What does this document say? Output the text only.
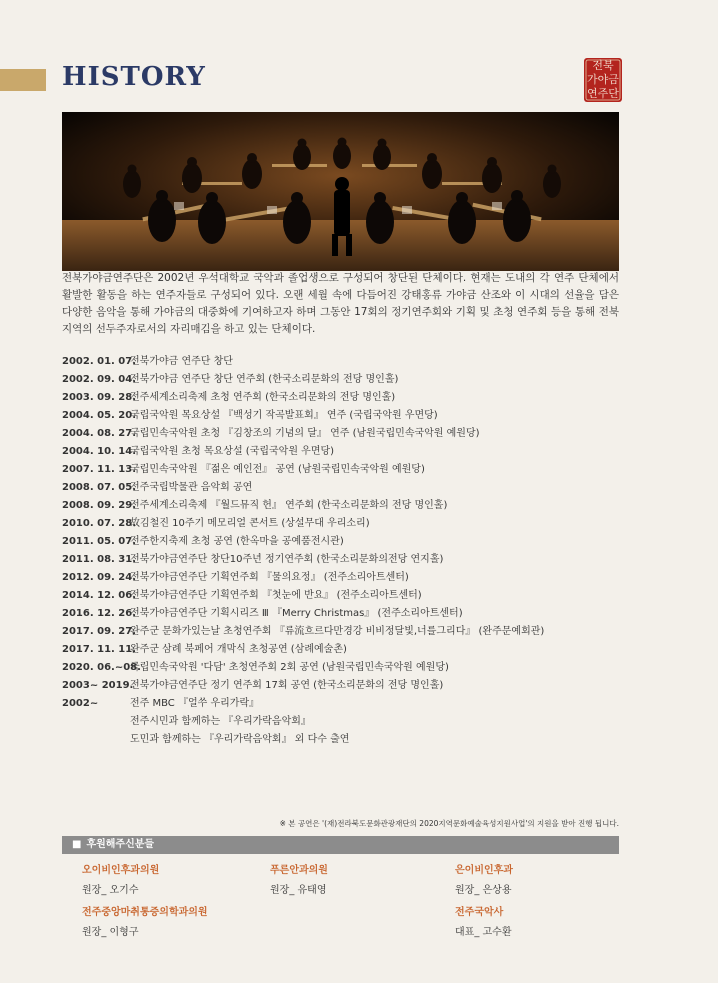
HISTORY	전북
가야금
연주단

전북가야금연주단은 2002년 우석대학교 국악과 졸업생으로 구성되어 창단된 단체이다. 현재는 도내의 각 연주 단체에서 활발한 활동을 하는 연주자들로 구성되어 있다. 오랜 세월 속에 다듬어진 강태홍류 가야금 산조와 이 시대의 선율을 담은 다양한 음악을 통해 가야금의 대중화에 기여하고자 하며 그동안 17회의 정기연주회와 기획 및 초청 연주회 등을 통해 전북지역의 선두주자로서의 자리매김을 하고 있는 단체이다.

2002. 01. 07.
전북가야금 연주단 창단
2002. 09. 04.
전북가야금 연주단 창단 연주회 (한국소리문화의 전당 명인홀)
2003. 09. 28.
전주세계소리축제 초청 연주회 (한국소리문화의 전당 명인홀)
2004. 05. 20.
국립국악원 목요상설 『백성기 작곡발표회』 연주 (국립국악원 우면당)
2004. 08. 27.
국립민속국악원 초청 『김창조의 기념의 달』 연주 (남원국립민속국악원 예원당)
2004. 10. 14.
국립국악원 초청 목요상설 (국립국악원 우면당)
2007. 11. 13.
국립민속국악원 『젊은 예인전』 공연 (남원국립민속국악원 예원당)
2008. 07. 05.
전주국립박물관 음악회 공연
2008. 09. 29.
전주세계소리축제 『월드뮤직 헌』 연주회 (한국소리문화의 전당 명인홀)
2010. 07. 28.
故김철진 10주기 메모리얼 콘서트 (상설무대 우리소리)
2011. 05. 07.
전주한지축제 초청 공연 (한옥마을 공예품전시관)
2011. 08. 31.
전북가야금연주단 창단10주년 정기연주회 (한국소리문화의전당 연지홀)
2012. 09. 24.
전북가야금연주단 기획연주회 『물의요정』 (전주소리아트센터)
2014. 12. 06.
전북가야금연주단 기획연주회 『첫눈에 반요』 (전주소리아트센터)
2016. 12. 26.
전북가야금연주단 기획시리즈 Ⅲ 『Merry Christmas』 (전주소리아트센터)
2017. 09. 27.
완주군 문화가있는날 초청연주회 『류流흐르다만경강 비비정달빛,너를그리다』 (완주문예회관)
2017. 11. 11.
완주군 삼례 북페어 개막식 초청공연 (삼례예술촌)
2020. 06.~08.
국립민속국악원 '다담' 초청연주회 2회 공연 (남원국립민속국악원 예원당)
2003~ 2019.
전북가야금연주단 정기 연주회 17회 공연 (한국소리문화의 전당 명인홀)
2002~	전주 MBC 『얼쑤 우리가락』
전주시민과 함께하는 『우리가락음악회』
도민과 함께하는 『우리가락음악회』 외 다수 출연

※ 본 공연은 '(재)전라북도문화관광재단의 2020지역문화예술육성지원사업'의 지원을 받아 진행 됩니다.

■ 후원해주신분들
오이비인후과의원
원장_ 오기수
푸른안과의원
원장_ 유태영
은이비인후과
원장_ 은상용
전주중앙마취통증의학과의원
원장_ 이형구
전주국악사
대표_ 고수환
